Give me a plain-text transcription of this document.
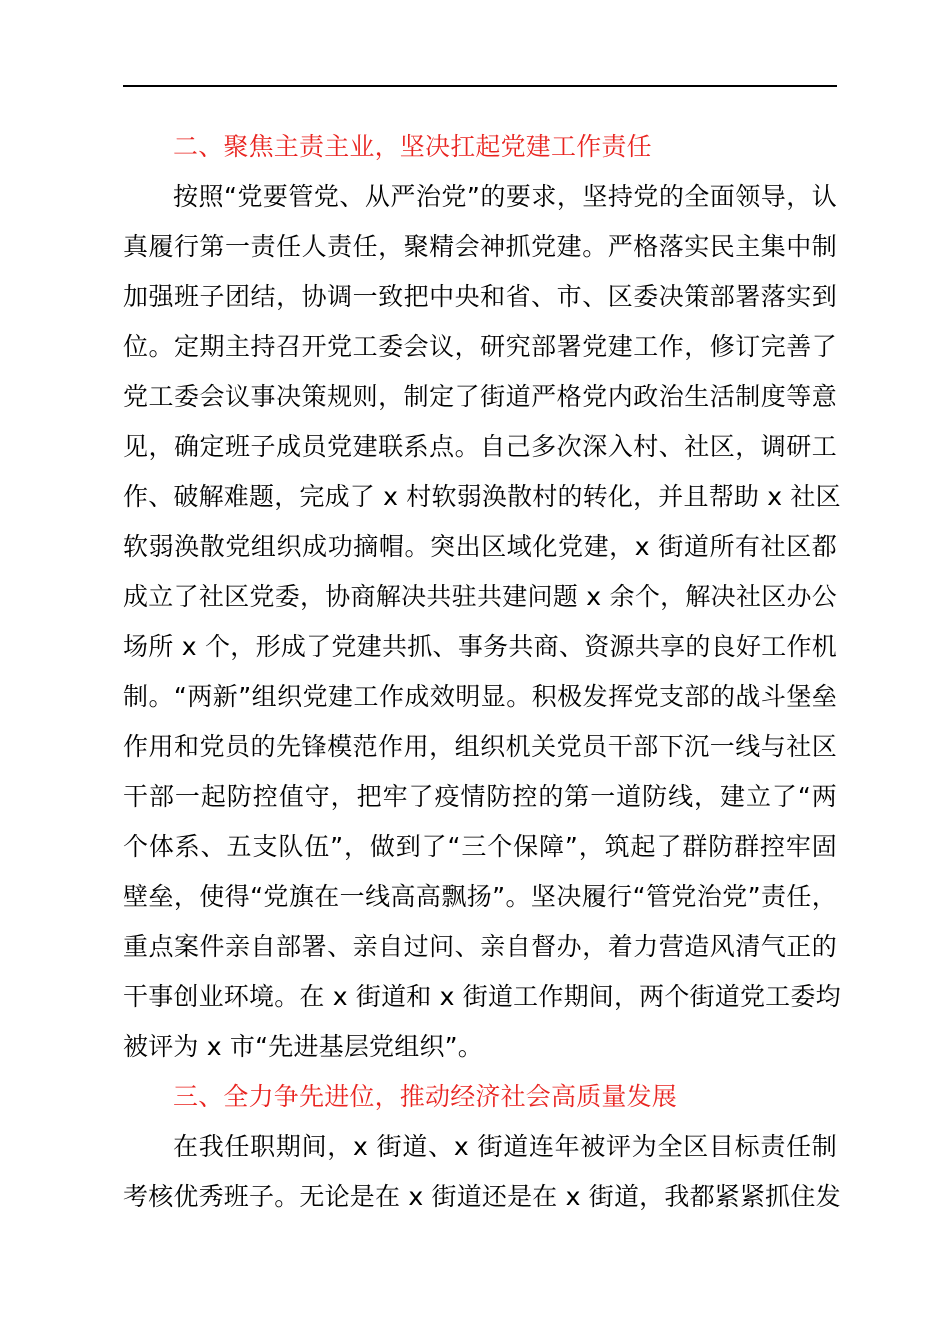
二、聚焦主责主业，坚决扛起党建工作责任
按照“党要管党、从严治党”的要求，坚持党的全面领导，认
真履行第一责任人责任，聚精会神抓党建。严格落实民主集中制
加强班子团结，协调一致把中央和省、市、区委决策部署落实到
位。定期主持召开党工委会议，研究部署党建工作，修订完善了
党工委会议事决策规则，制定了街道严格党内政治生活制度等意
见，确定班子成员党建联系点。自己多次深入村、社区，调研工
作、破解难题，完成了 x 村软弱涣散村的转化，并且帮助 x 社区
软弱涣散党组织成功摘帽。突出区域化党建，x 街道所有社区都
成立了社区党委，协商解决共驻共建问题 x 余个，解决社区办公
场所 x 个，形成了党建共抓、事务共商、资源共享的良好工作机
制。“两新”组织党建工作成效明显。积极发挥党支部的战斗堡垒
作用和党员的先锋模范作用，组织机关党员干部下沉一线与社区
干部一起防控值守，把牢了疫情防控的第一道防线，建立了“两
个体系、五支队伍”，做到了“三个保障”，筑起了群防群控牢固
壁垒，使得“党旗在一线高高飘扬”。坚决履行“管党治党”责任，
重点案件亲自部署、亲自过问、亲自督办，着力营造风清气正的
干事创业环境。在 x 街道和 x 街道工作期间，两个街道党工委均
被评为 x 市“先进基层党组织”。
三、全力争先进位，推动经济社会高质量发展
在我任职期间，x 街道、x 街道连年被评为全区目标责任制
考核优秀班子。无论是在 x 街道还是在 x 街道，我都紧紧抓住发
